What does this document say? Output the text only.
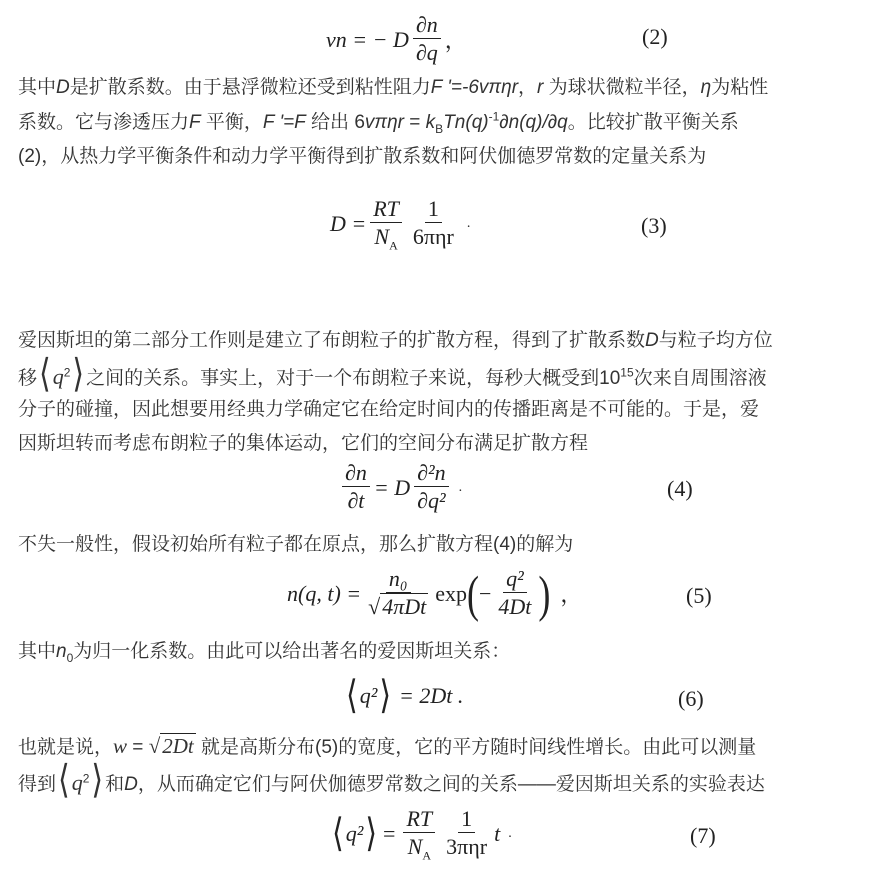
vn = − D $\frac{\partial n}{\partial q}$ ，	(2)
其中D是扩散系数。由于悬浮微粒还受到粘性阻力F '=-6vπηr，r 为球状微粒半径，η为粘性
系数。它与渗透压力F 平衡，F '=F 给出 $6v\pi\eta r = k_BTn(q)^{-1}\partial n(q)/\partial q$。比较扩散平衡关系
(2)，从热力学平衡条件和动力学平衡得到扩散系数和阿伏伽德罗常数的定量关系为
$D = \frac{RT}{N_A} \frac{1}{\text{6πηr}}$ .	(3)
爱因斯坦的第二部分工作则是建立了布朗粒子的扩散方程，得到了扩散系数D与粒子均方位
移$⟨q^2⟩$ 之间的关系。事实上，对于一个布朗粒子来说，每秒大概受到$10^{15}$次来自周围溶液
分子的碰撞，因此想要用经典力学确定它在给定时间内的传播距离是不可能的。于是，爱
因斯坦转而考虑布朗粒子的集体运动，它们的空间分布满足扩散方程
$\frac{\partial n}{\partial t} = D \frac{\text{∂²n}}{\text{∂q²}}$ .	(4)
不失一般性，假设初始所有粒子都在原点，那么扩散方程(4)的解为
n(q, $t) = \frac{\text{n₀}}{\text{√4πDt}}$ exp ( − $\frac{\text{q²}}{4Dt}$ ) ，	(5)
其中$n_0$为归一化系数。由此可以给出著名的爱因斯坦关系：
⟨ q² ⟩ = 2Dt .	(6)
也就是说，w = √2Dt 就是高斯分布(5)的宽度，它的平方随时间线性增长。由此可以测量
得到$⟨q^2⟩$ 和D，从而确定它们与阿伏伽德罗常数之间的关系——爱因斯坦关系的实验表达
⟨ q² ⟩ = $\frac{RT}{N_A} \frac{1}{\text{3πηr}}$ t .	(7)
